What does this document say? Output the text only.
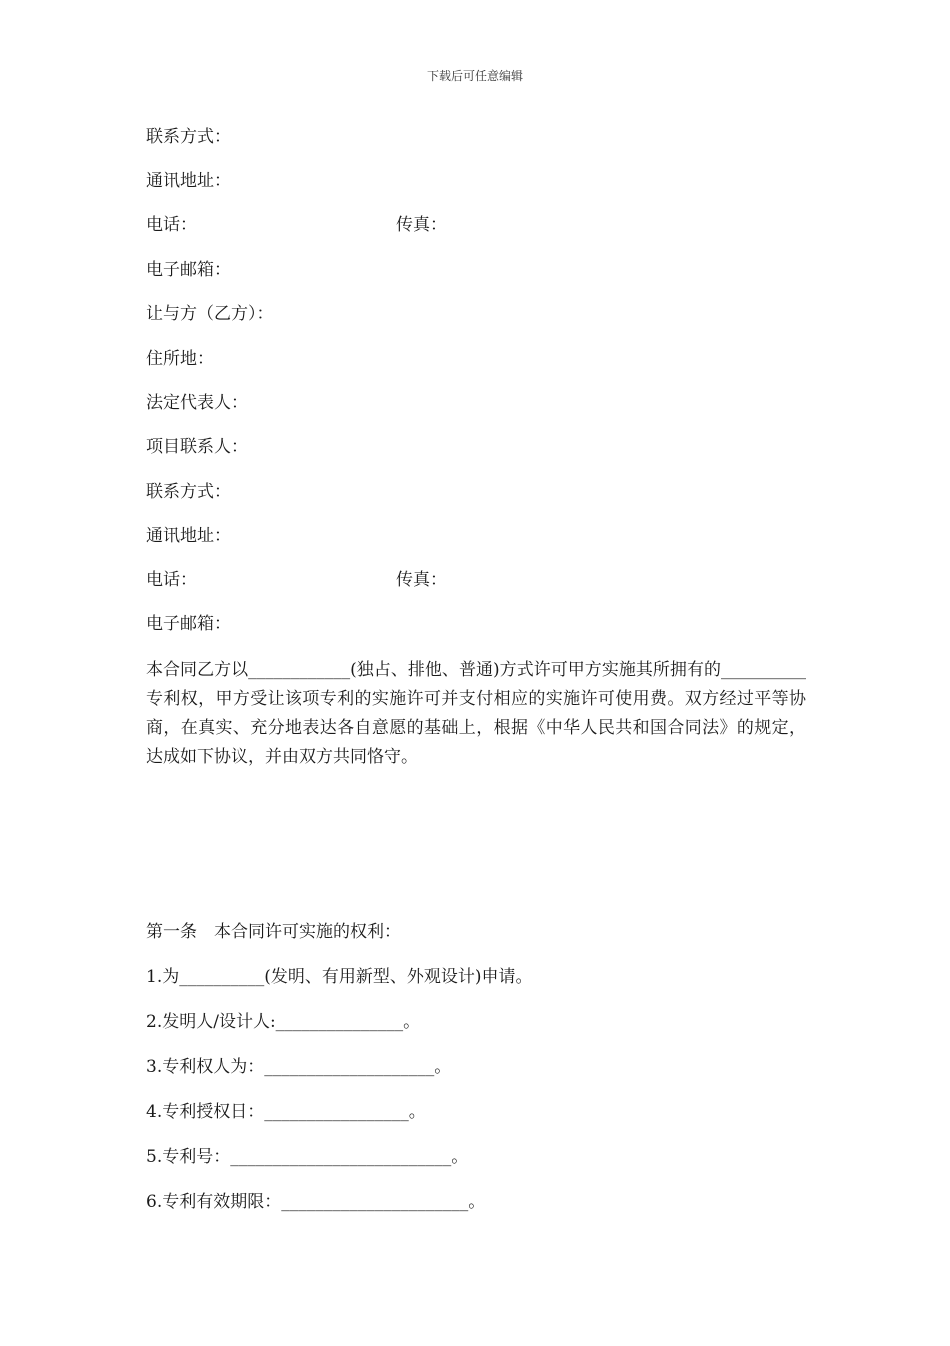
下载后可任意编辑
联系方式：
通讯地址：
电话：	传真：
电子邮箱：
让与方（乙方）：
住所地：
法定代表人：
项目联系人：
联系方式：
通讯地址：
电话：	传真：
电子邮箱：
本合同乙方以____________(独占、排他、普通)方式许可甲方实施其所拥有的__________专利权，甲方受让该项专利的实施许可并支付相应的实施许可使用费。双方经过平等协商，在真实、充分地表达各自意愿的基础上，根据《中华人民共和国合同法》的规定，达成如下协议，并由双方共同恪守。
第一条　本合同许可实施的权利：
1.为__________(发明、有用新型、外观设计)申请。
2.发明人/设计人:_______________。
3.专利权人为：____________________。
4.专利授权日：_________________。
5.专利号：__________________________。
6.专利有效期限：______________________。
